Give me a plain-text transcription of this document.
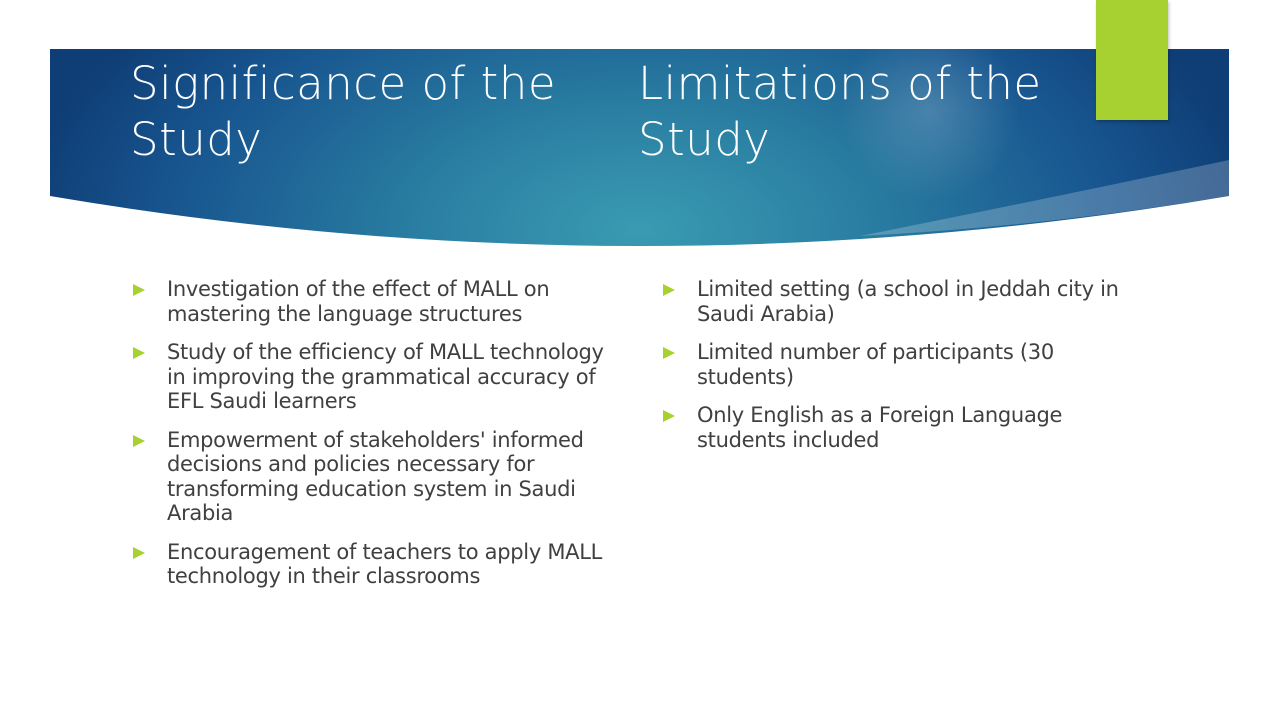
Significance of the Study
Limitations of the Study
Investigation of the effect of MALL on mastering the language structures
Study of the efficiency of MALL technology in improving the grammatical accuracy of EFL Saudi learners
Empowerment of stakeholders' informed decisions and policies necessary for transforming education system in Saudi Arabia
Encouragement of teachers to apply MALL technology in their classrooms
Limited setting (a school in Jeddah city in Saudi Arabia)
Limited number of participants (30 students)
Only English as a Foreign Language students included
